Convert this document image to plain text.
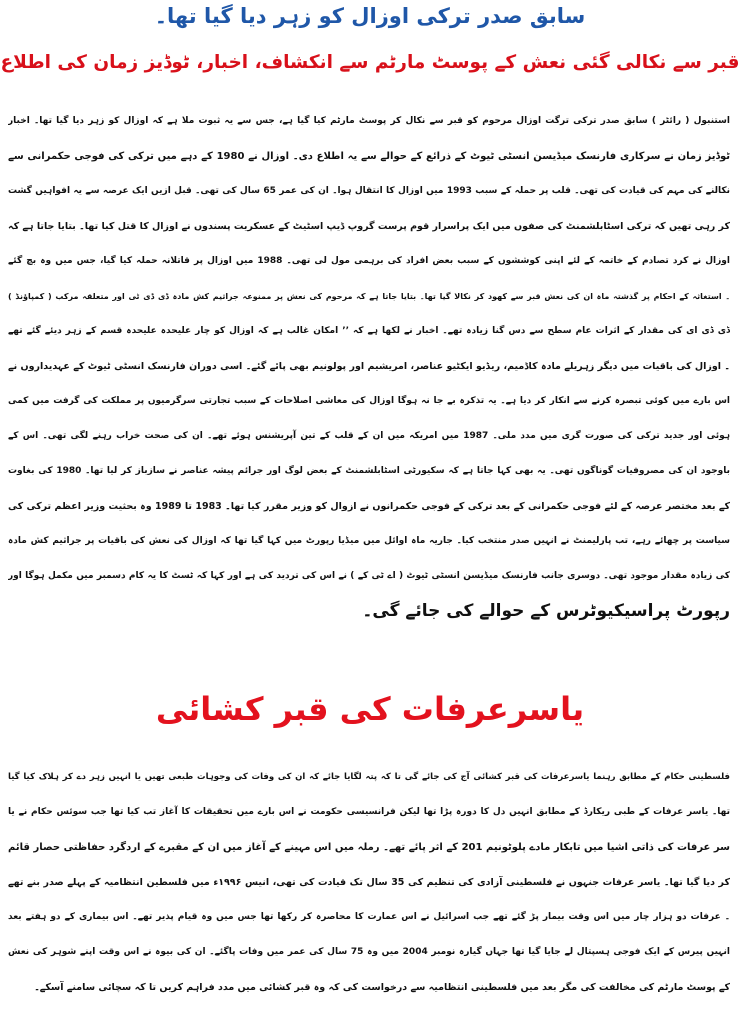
سابق صدر ترکی اوزال کو زہر دیا گیا تھا۔
قبر سے نکالی گئی نعش کے پوسٹ مارٹم سے انکشاف، اخبار، ٹوڈیز زمان کی اطلاع
استنبول ( رائٹر ) سابق صدر ترکی ترگت اوزال مرحوم کو قبر سے نکال کر پوسٹ مارٹم کیا گیا ہے، جس سے یہ ثبوت ملا ہے کہ اوزال کو زہر دیا گیا تھا۔ اخبار
ٹوڈیز زمان نے سرکاری فارنسک میڈیسن انسٹی ٹیوٹ کے ذرائع کے حوالے سے یہ اطلاع دی۔ اوزال نے 1980 کے دہے میں ترکی کی فوجی حکمرانی سے
نکالنے کی مہم کی قیادت کی تھی۔ قلب پر حملہ کے سبب 1993 میں اوزال کا انتقال ہوا۔ ان کی عمر 65 سال کی تھی۔ قبل ازیں ایک عرصہ سے یہ افواہیں گشت
کر رہی تھیں کہ ترکی اسٹابلشمنٹ کی صفوں میں ایک پراسرار قوم پرست گروپ ڈیپ اسٹیٹ کے عسکریت پسندوں نے اوزال کا قتل کیا تھا۔ بتایا جاتا ہے کہ
اوزال نے کرد تصادم کے خاتمہ کے لئے اپنی کوششوں کے سبب بعض افراد کی برہمی مول لی تھی۔ 1988 میں اوزال پر قاتلانہ حملہ کیا گیا، جس میں وہ بچ گئے
۔ استغاثہ کے احکام پر گذشتہ ماہ ان کی نعش قبر سے کھود کر نکالا گیا تھا۔ بتایا جاتا ہے کہ مرحوم کی نعش پر ممنوعہ جراثیم کش مادہ ڈی ڈی ٹی اور متعلقہ مرکب ( کمپاؤنڈ )
ڈی ڈی ای کی مقدار کے اثرات عام سطح سے دس گنا زیادہ تھے۔ اخبار نے لکھا ہے کہ ’’ امکان غالب ہے کہ اوزال کو چار علیحدہ علیحدہ قسم کے زہر دیئے گئے تھے
۔ اوزال کی باقیات میں دیگر زہریلے مادہ کاڈمیم، ریڈیو ایکٹیو عناصر، امریشیم اور پولونیم بھی پائے گئے۔ اسی دوران فارنسک انسٹی ٹیوٹ کے عہدیداروں نے
اس بارے میں کوئی تبصرہ کرنے سے انکار کر دیا ہے۔ یہ تذکرہ بے جا نہ ہوگا اوزال کی معاشی اصلاحات کے سبب تجارتی سرگرمیوں پر مملکت کی گرفت میں کمی
ہوئی اور جدید ترکی کی صورت گری میں مدد ملی۔ 1987 میں امریکہ میں ان کے قلب کے تین آپریشنس ہوئے تھے۔ ان کی صحت خراب رہنے لگی تھی۔ اس کے
باوجود ان کی مصروفیات گوناگوں تھی۔ یہ بھی کہا جاتا ہے کہ سکیورٹی اسٹابلشمنٹ کے بعض لوگ اور جرائم پیشہ عناصر نے سازباز کر لیا تھا۔ 1980 کی بغاوت
کے بعد مختصر عرصہ کے لئے فوجی حکمرانی کے بعد ترکی کے فوجی حکمرانوں نے ازوال کو وزیر مقرر کیا تھا۔ 1983 تا 1989 وہ بحثیت وزیر اعظم ترکی کی
سیاست پر چھائے رہے، تب پارلیمنٹ نے انہیں صدر منتخب کیا۔ جاریہ ماہ اوائل میں میڈیا رپورٹ میں کہا گیا تھا کہ اوزال کی نعش کی باقیات پر جراثیم کش مادہ
کی زیادہ مقدار موجود تھی۔ دوسری جانب فارنسک میڈیسن انسٹی ٹیوٹ ( اے ٹی کے ) نے اس کی تردید کی ہے اور کہا کہ ٹسٹ کا یہ کام دسمبر میں مکمل ہوگا اور
رپورٹ پراسیکیوٹرس کے حوالے کی جائے گی۔
یاسرعرفات کی قبر کشائی
فلسطینی حکام کے مطابق رہنما یاسرعرفات کی قبر کشائی آج کی جائے گی تا کہ پتہ لگایا جائے کہ ان کی وفات کی وجوہات طبعی تھیں یا انہیں زہر دے کر ہلاک کیا گیا
تھا۔ یاسر عرفات کے طبی ریکارڈ کے مطابق انہیں دل کا دورہ پڑا تھا لیکن فرانسیسی حکومت نے اس بارے میں تحقیقات کا آغاز تب کیا تھا جب سوئس حکام نے یا
سر عرفات کی ذاتی اشیا میں تابکار مادے پلوٹونیم 201 کے اثر پائے تھے۔ رملہ میں اس مہینے کے آغاز میں ان کے مقبرے کے اردگرد حفاظتی حصار قائم
کر دیا گیا تھا۔ یاسر عرفات جنہوں نے فلسطینی آزادی کی تنظیم کی 35 سال تک قیادت کی تھی، انیس ۱۹۹۶ء میں فلسطین انتظامیہ کے پہلے صدر بنے تھے
۔ عرفات دو ہزار چار میں اس وقت بیمار پڑ گئے تھے جب اسرائیل نے اس عمارت کا محاصرہ کر رکھا تھا جس میں وہ قیام پذیر تھے۔ اس بیماری کے دو ہفتے بعد
انہیں پیرس کے ایک فوجی ہسپتال لے جایا گیا تھا جہاں گیارہ نومبر 2004 میں وہ 75 سال کی عمر میں وفات پاگئے۔ ان کی بیوہ نے اس وقت اپنے شوہر کی نعش
کے پوسٹ مارٹم کی مخالفت کی مگر بعد میں فلسطینی انتظامیہ سے درخواست کی کہ وہ قبر کشائی میں مدد فراہم کریں تا کہ سچائی سامنے آسکے۔
